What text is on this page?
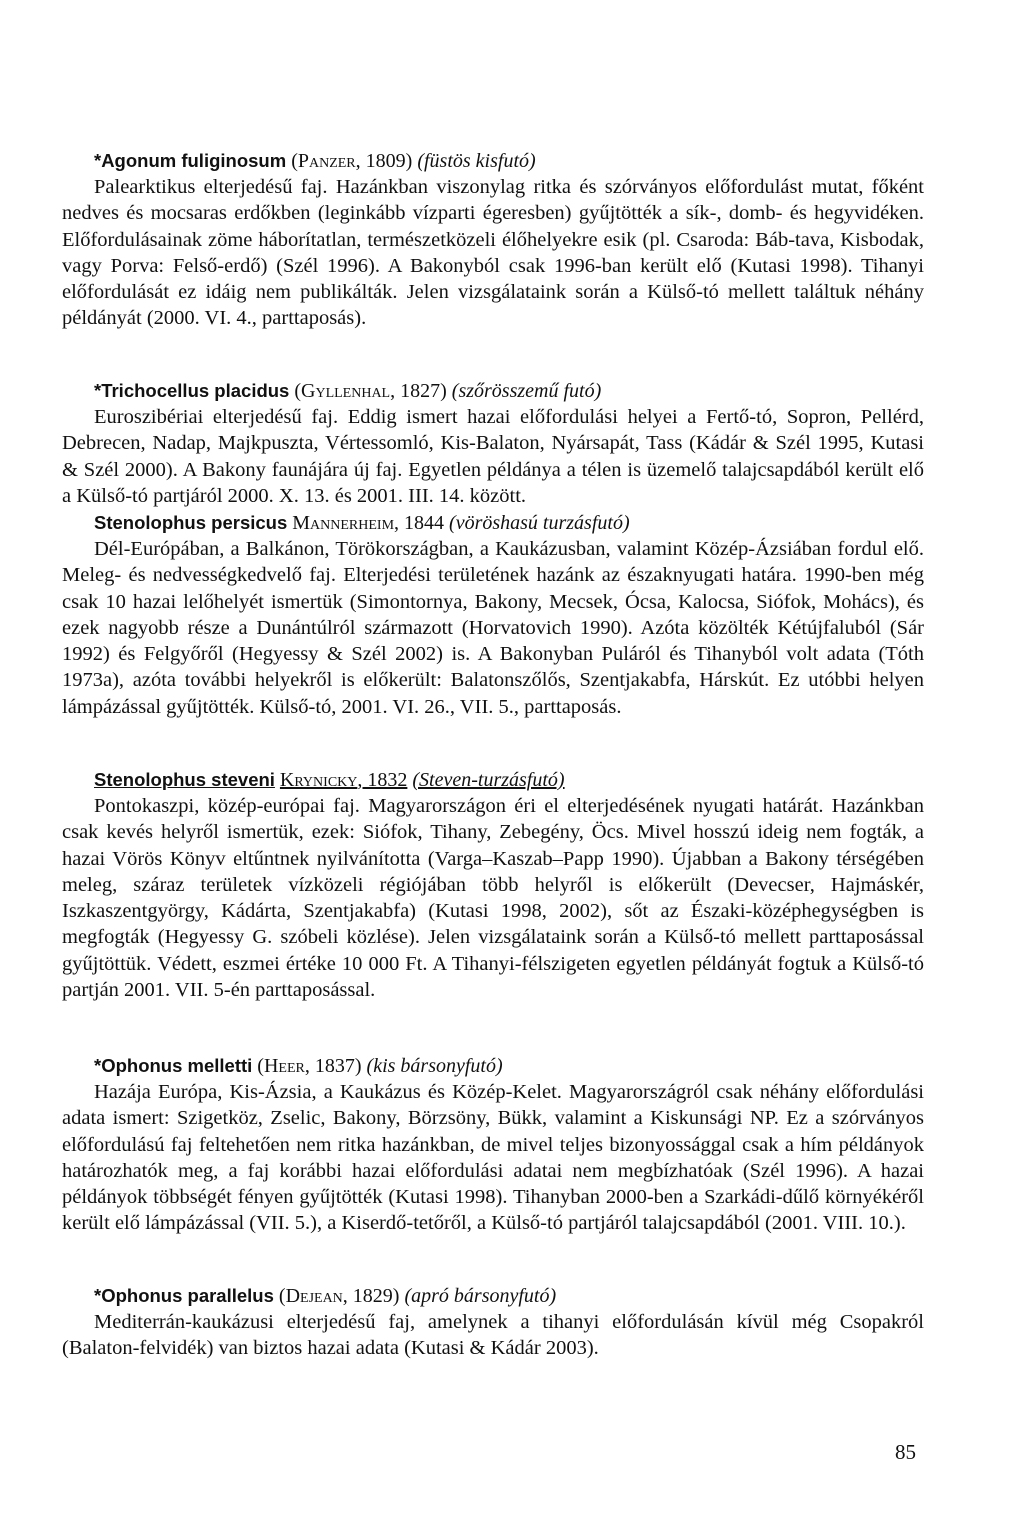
*Agonum fuliginosum (Panzer, 1809) (füstös kisfutó)

Palearktikus elterjedésű faj. Hazánkban viszonylag ritka és szórványos előfordulást mutat, főként nedves és mocsaras erdőkben (leginkább vízparti égeresben) gyűjtötték a sík-, domb- és hegyvidéken. Előfordulásainak zöme háborítatlan, természetközeli élőhelyekre esik (pl. Csaroda: Báb-tava, Kisbodak, vagy Porva: Felső-erdő) (Szél 1996). A Bakonyból csak 1996-ban került elő (Kutasi 1998). Tihanyi előfordulását ez idáig nem publikálták. Jelen vizsgálataink során a Külső-tó mellett találtuk néhány példányát (2000. VI. 4., parttaposás).

*Trichocellus placidus (Gyllenhal, 1827) (szőrösszemű futó)

Euroszibériai elterjedésű faj. Eddig ismert hazai előfordulási helyei a Fertő-tó, Sopron, Pellérd, Debrecen, Nadap, Majkpuszta, Vértessomló, Kis-Balaton, Nyársapát, Tass (Kádár & Szél 1995, Kutasi & Szél 2000). A Bakony faunájára új faj. Egyetlen példánya a télen is üzemelő talajcsapdából került elő a Külső-tó partjáról 2000. X. 13. és 2001. III. 14. között.

Stenolophus persicus Mannerheim, 1844 (vöröshasú turzásfutó)

Dél-Európában, a Balkánon, Törökországban, a Kaukázusban, valamint Közép-Ázsiában fordul elő. Meleg- és nedvességkedvelő faj. Elterjedési területének hazánk az északnyugati határa. 1990-ben még csak 10 hazai lelőhelyét ismertük (Simontornya, Bakony, Mecsek, Ócsa, Kalocsa, Siófok, Mohács), és ezek nagyobb része a Dunántúlról származott (Horvatovich 1990). Azóta közölték Kétújfaluból (Sár 1992) és Felgyőről (Hegyessy & Szél 2002) is. A Bakonyban Puláról és Tihanyból volt adata (Tóth 1973a), azóta további helyekről is előkerült: Balatonszőlős, Szentjakabfa, Hárskút. Ez utóbbi helyen lámpázással gyűjtötték. Külső-tó, 2001. VI. 26., VII. 5., parttaposás.

Stenolophus steveni Krynicky, 1832 (Steven-turzásfutó)

Pontokaszpi, közép-európai faj. Magyarországon éri el elterjedésének nyugati határát. Hazánkban csak kevés helyről ismertük, ezek: Siófok, Tihany, Zebegény, Öcs. Mivel hosszú ideig nem fogták, a hazai Vörös Könyv eltűntnek nyilvánította (Varga–Kaszab–Papp 1990). Újabban a Bakony térségében meleg, száraz területek vízközeli régiójában több helyről is előkerült (Devecser, Hajmáskér, Iszkaszentgyörgy, Kádárta, Szentjakabfa) (Kutasi 1998, 2002), sőt az Északi-középhegységben is megfogták (Hegyessy G. szóbeli közlése). Jelen vizsgálataink során a Külső-tó mellett parttaposással gyűjtöttük. Védett, eszmei értéke 10 000 Ft. A Tihanyi-félszigeten egyetlen példányát fogtuk a Külső-tó partján 2001. VII. 5-én parttaposással.

*Ophonus melletti (Heer, 1837) (kis bársonyfutó)

Hazája Európa, Kis-Ázsia, a Kaukázus és Közép-Kelet. Magyarországról csak néhány előfordulási adata ismert: Szigetköz, Zselic, Bakony, Börzsöny, Bükk, valamint a Kiskunsági NP. Ez a szórványos előfordulású faj feltehetően nem ritka hazánkban, de mivel teljes bizonyossággal csak a hím példányok határozhatók meg, a faj korábbi hazai előfordulási adatai nem megbízhatóak (Szél 1996). A hazai példányok többségét fényen gyűjtötték (Kutasi 1998). Tihanyban 2000-ben a Szarkádi-dűlő környékéről került elő lámpázással (VII. 5.), a Kiserdő-tetőről, a Külső-tó partjáról talajcsapdából (2001. VIII. 10.).

*Ophonus parallelus (Dejean, 1829) (apró bársonyfutó)

Mediterrán-kaukázusi elterjedésű faj, amelynek a tihanyi előfordulásán kívül még Csopakról (Balaton-felvidék) van biztos hazai adata (Kutasi & Kádár 2003).

85
